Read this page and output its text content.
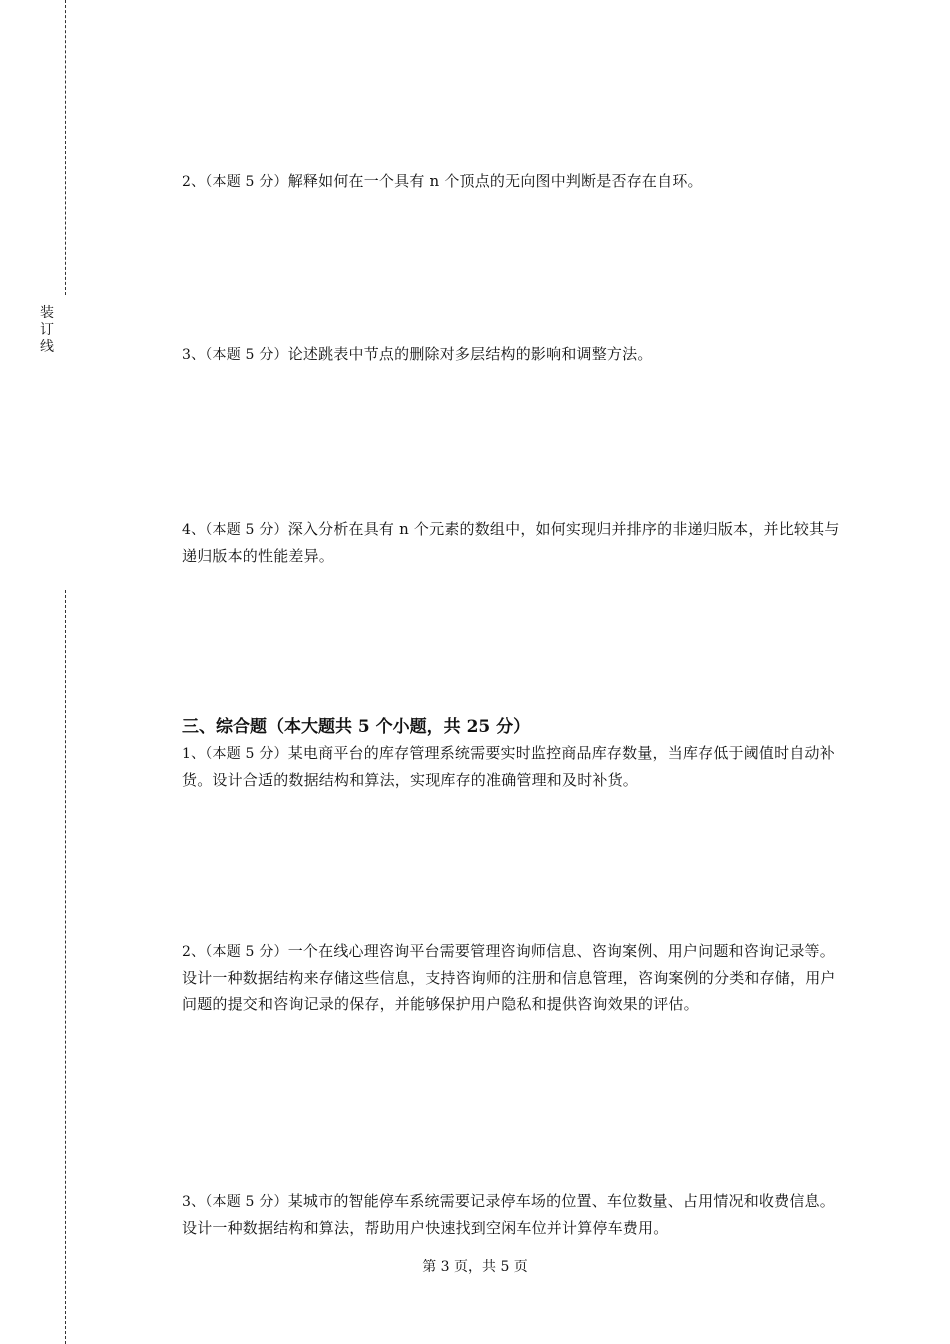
装
订
线

2、（本题 5 分）解释如何在一个具有 n 个顶点的无向图中判断是否存在自环。

3、（本题 5 分）论述跳表中节点的删除对多层结构的影响和调整方法。

4、（本题 5 分）深入分析在具有 n 个元素的数组中，如何实现归并排序的非递归版本，并比较其与递归版本的性能差异。

三、综合题（本大题共 5 个小题，共 25 分）

1、（本题 5 分）某电商平台的库存管理系统需要实时监控商品库存数量，当库存低于阈值时自动补货。设计合适的数据结构和算法，实现库存的准确管理和及时补货。

2、（本题 5 分）一个在线心理咨询平台需要管理咨询师信息、咨询案例、用户问题和咨询记录等。设计一种数据结构来存储这些信息，支持咨询师的注册和信息管理，咨询案例的分类和存储，用户问题的提交和咨询记录的保存，并能够保护用户隐私和提供咨询效果的评估。

3、（本题 5 分）某城市的智能停车系统需要记录停车场的位置、车位数量、占用情况和收费信息。设计一种数据结构和算法，帮助用户快速找到空闲车位并计算停车费用。

第 3 页，共 5 页
